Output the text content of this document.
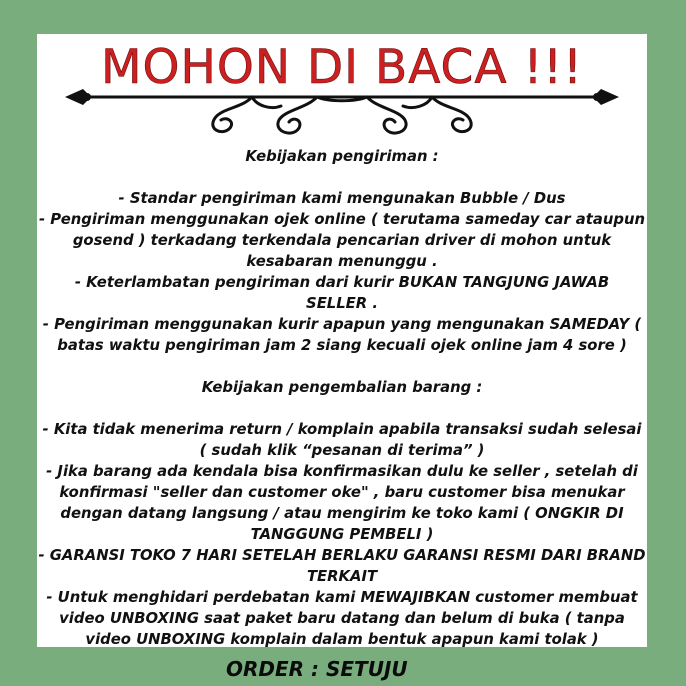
MOHON DI BACA !!!

Kebijakan pengiriman :

- Standar pengiriman kami mengunakan Bubble / Dus

- Pengiriman menggunakan ojek online ( terutama sameday car ataupun

gosend ) terkadang terkendala pencarian driver di mohon untuk

kesabaran menunggu .

- Keterlambatan pengiriman dari kurir BUKAN TANGJUNG JAWAB

SELLER .

- Pengiriman menggunakan kurir apapun yang mengunakan SAMEDAY (

batas waktu pengiriman jam 2 siang kecuali ojek online jam 4 sore )

Kebijakan pengembalian barang :

- Kita tidak menerima return / komplain apabila transaksi sudah selesai

( sudah klik “pesanan di terima” )

- Jika barang ada kendala bisa konfirmasikan dulu ke seller , setelah di

konfirmasi "seller dan customer oke" , baru customer bisa menukar

dengan datang langsung / atau mengirim ke toko kami ( ONGKIR DI

TANGGUNG PEMBELI )

- GARANSI TOKO 7 HARI SETELAH BERLAKU GARANSI RESMI DARI BRAND

TERKAIT

- Untuk menghidari perdebatan kami MEWAJIBKAN customer membuat

video UNBOXING saat paket baru datang dan belum di buka ( tanpa

video UNBOXING komplain dalam bentuk apapun kami tolak )

ORDER : SETUJU
